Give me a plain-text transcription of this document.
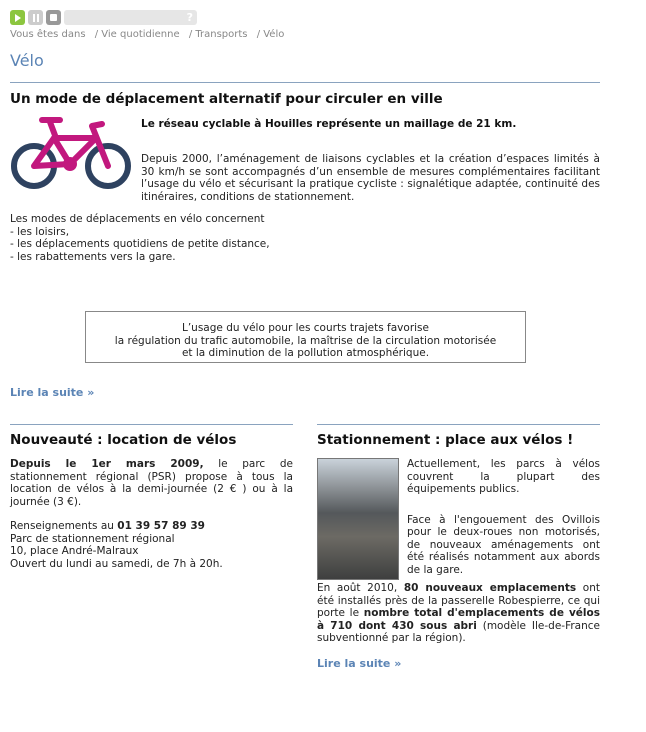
?
Vous êtes dans / Vie quotidienne / Transports / Vélo
Vélo
Un mode de déplacement alternatif pour circuler en ville

Le réseau cyclable à Houilles représente un maillage de 21 km.

Depuis 2000, l’aménagement de liaisons cyclables et la création d’espaces limités à 30 km/h se sont accompagnés d’un ensemble de mesures complémentaires facilitant l’usage du vélo et sécurisant la pratique cycliste : signalétique adaptée, continuité des itinéraires, conditions de stationnement.

Les modes de déplacements en vélo concernent
- les loisirs,
- les déplacements quotidiens de petite distance,
- les rabattements vers la gare.
L’usage du vélo pour les courts trajets favorise
la régulation du trafic automobile, la maîtrise de la circulation motorisée
et la diminution de la pollution atmosphérique.
Lire la suite »
Nouveauté : location de vélos

Depuis le 1er mars 2009, le parc de stationnement régional (PSR) propose à tous la location de vélos à la demi-journée (2 € ) ou à la journée (3 €).

Renseignements au 01 39 57 89 39
Parc de stationnement régional
10, place André-Malraux
Ouvert du lundi au samedi, de 7h à 20h.
Stationnement : place aux vélos !

Actuellement, les parcs à vélos couvrent la plupart des équipements publics.

Face à l'engouement des Ovillois pour le deux-roues non motorisés, de nouveaux aménagements ont été réalisés notamment aux abords de la gare.

En août 2010, 80 nouveaux emplacements ont été installés près de la passerelle Robespierre, ce qui porte le nombre total d'emplacements de vélos à 710 dont 430 sous abri (modèle Ile-de-France subventionné par la région).

Lire la suite »
